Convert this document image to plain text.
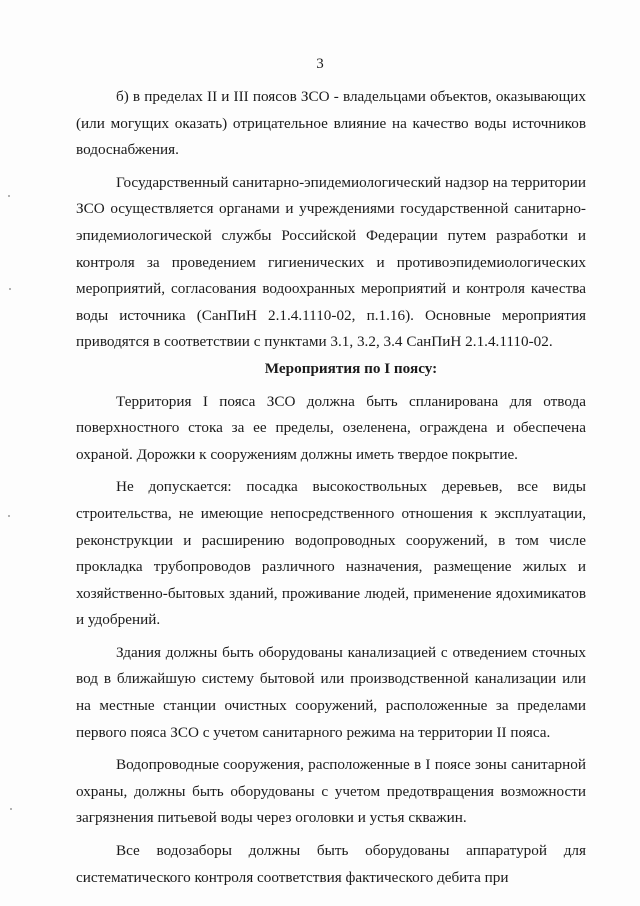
3

б) в пределах II и III поясов ЗСО - владельцами объектов, оказывающих (или могущих оказать) отрицательное влияние на качество воды источников водоснабжения.

Государственный санитарно-эпидемиологический надзор на территории ЗСО осуществляется органами и учреждениями государственной санитарно-эпидемиологической службы Российской Федерации путем разработки и контроля за проведением гигиенических и противоэпидемиологических мероприятий, согласования водоохранных мероприятий и контроля качества воды источника (СанПиН 2.1.4.1110-02, п.1.16). Основные мероприятия приводятся в соответствии с пунктами 3.1, 3.2, 3.4 СанПиН 2.1.4.1110-02.

Мероприятия по I поясу:

Территория I пояса ЗСО должна быть спланирована для отвода поверхностного стока за ее пределы, озеленена, ограждена и обеспечена охраной. Дорожки к сооружениям должны иметь твердое покрытие.

Не допускается: посадка высокоствольных деревьев, все виды строительства, не имеющие непосредственного отношения к эксплуатации, реконструкции и расширению водопроводных сооружений, в том числе прокладка трубопроводов различного назначения, размещение жилых и хозяйственно-бытовых зданий, проживание людей, применение ядохимикатов и удобрений.

Здания должны быть оборудованы канализацией с отведением сточных вод в ближайшую систему бытовой или производственной канализации или на местные станции очистных сооружений, расположенные за пределами первого пояса ЗСО с учетом санитарного режима на территории II пояса.

Водопроводные сооружения, расположенные в I поясе зоны санитарной охраны, должны быть оборудованы с учетом предотвращения возможности загрязнения питьевой воды через оголовки и устья скважин.

Все водозаборы должны быть оборудованы аппаратурой для систематического контроля соответствия фактического дебита при
